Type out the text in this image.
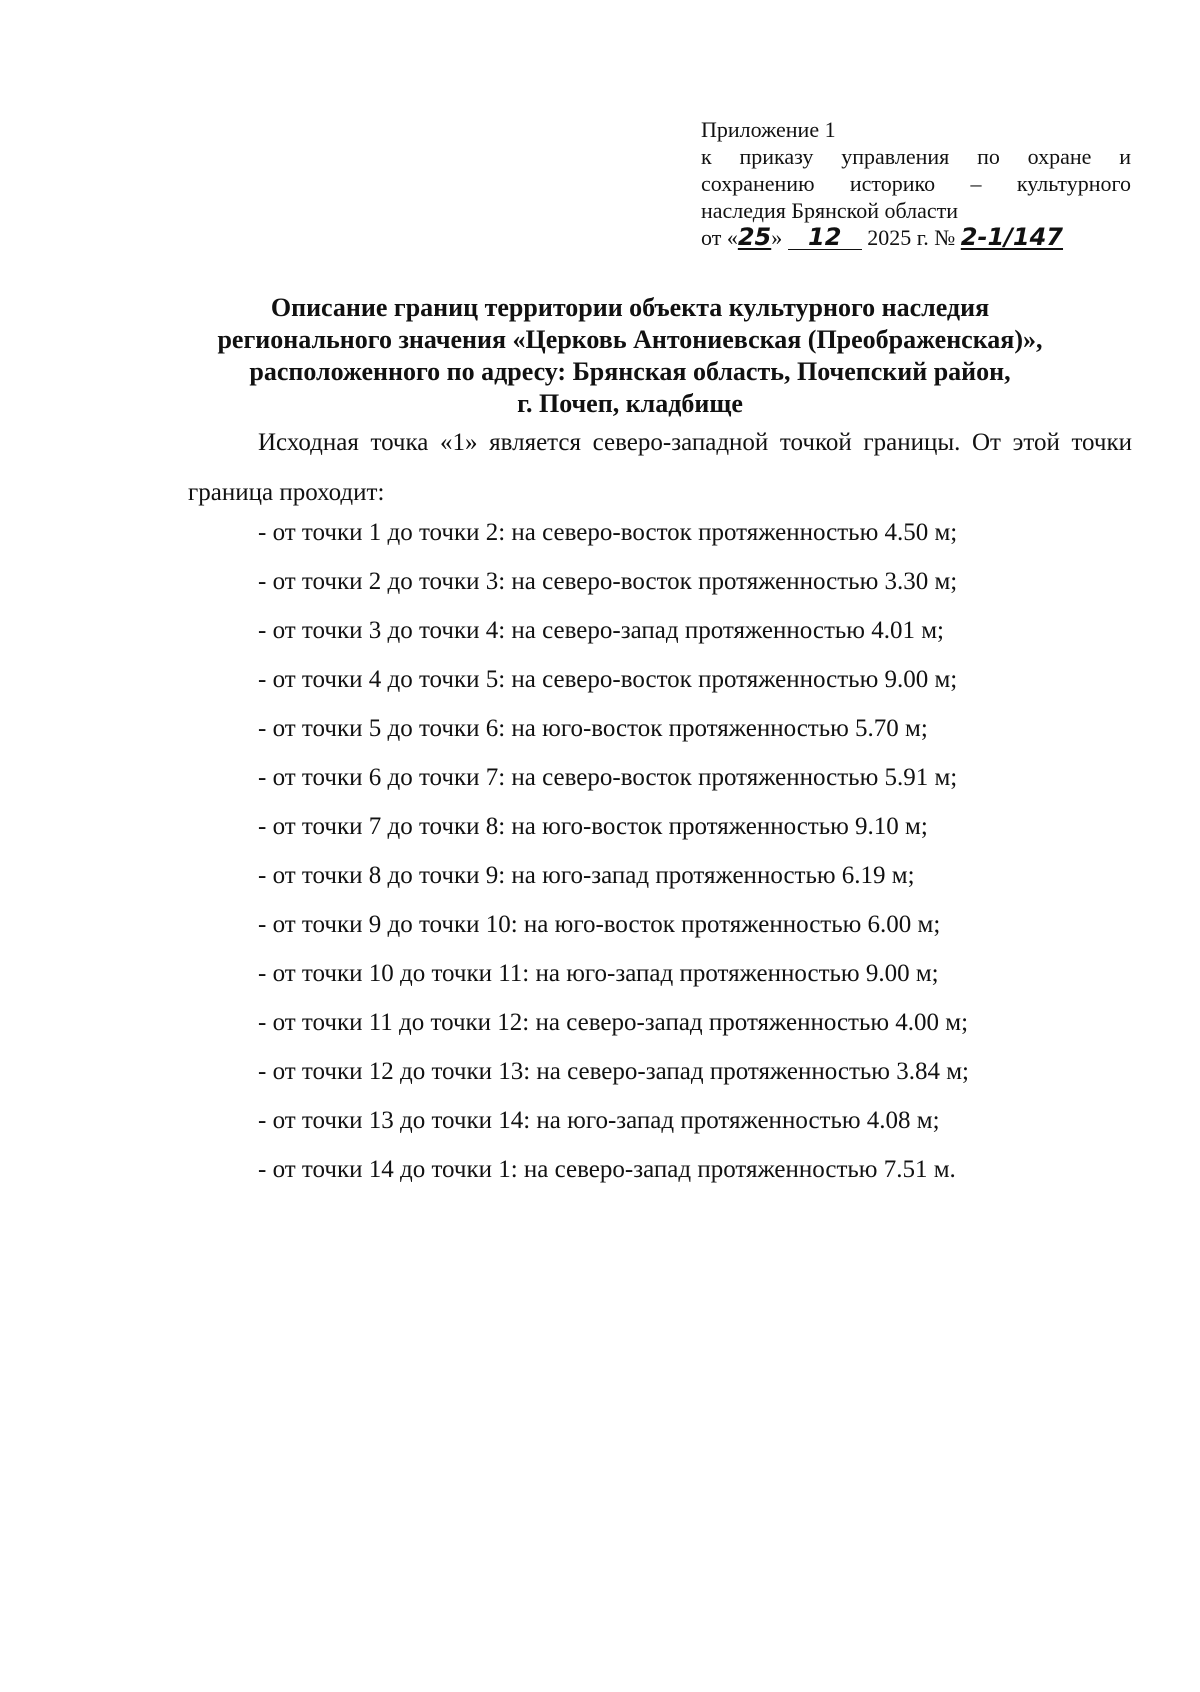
Приложение 1
к приказу управления по охране и
сохранению историко – культурного
наследия Брянской области
от «25» 12 2025 г. № 2-1/147
Описание границ территории объекта культурного наследия
регионального значения «Церковь Антониевская (Преображенская)»,
расположенного по адресу: Брянская область, Почепский район,
г. Почеп, кладбище

Исходная точка «1» является северо-западной точкой границы. От этой точки граница проходит:

- от точки 1 до точки 2: на северо-восток протяженностью 4.50 м;
- от точки 2 до точки 3: на северо-восток протяженностью 3.30 м;
- от точки 3 до точки 4: на северо-запад протяженностью 4.01 м;
- от точки 4 до точки 5: на северо-восток протяженностью 9.00 м;
- от точки 5 до точки 6: на юго-восток протяженностью 5.70 м;
- от точки 6 до точки 7: на северо-восток протяженностью 5.91 м;
- от точки 7 до точки 8: на юго-восток протяженностью 9.10 м;
- от точки 8 до точки 9: на юго-запад протяженностью 6.19 м;
- от точки 9 до точки 10: на юго-восток протяженностью 6.00 м;
- от точки 10 до точки 11: на юго-запад протяженностью 9.00 м;
- от точки 11 до точки 12: на северо-запад протяженностью 4.00 м;
- от точки 12 до точки 13: на северо-запад протяженностью 3.84 м;
- от точки 13 до точки 14: на юго-запад протяженностью 4.08 м;
- от точки 14 до точки 1: на северо-запад протяженностью 7.51 м.
